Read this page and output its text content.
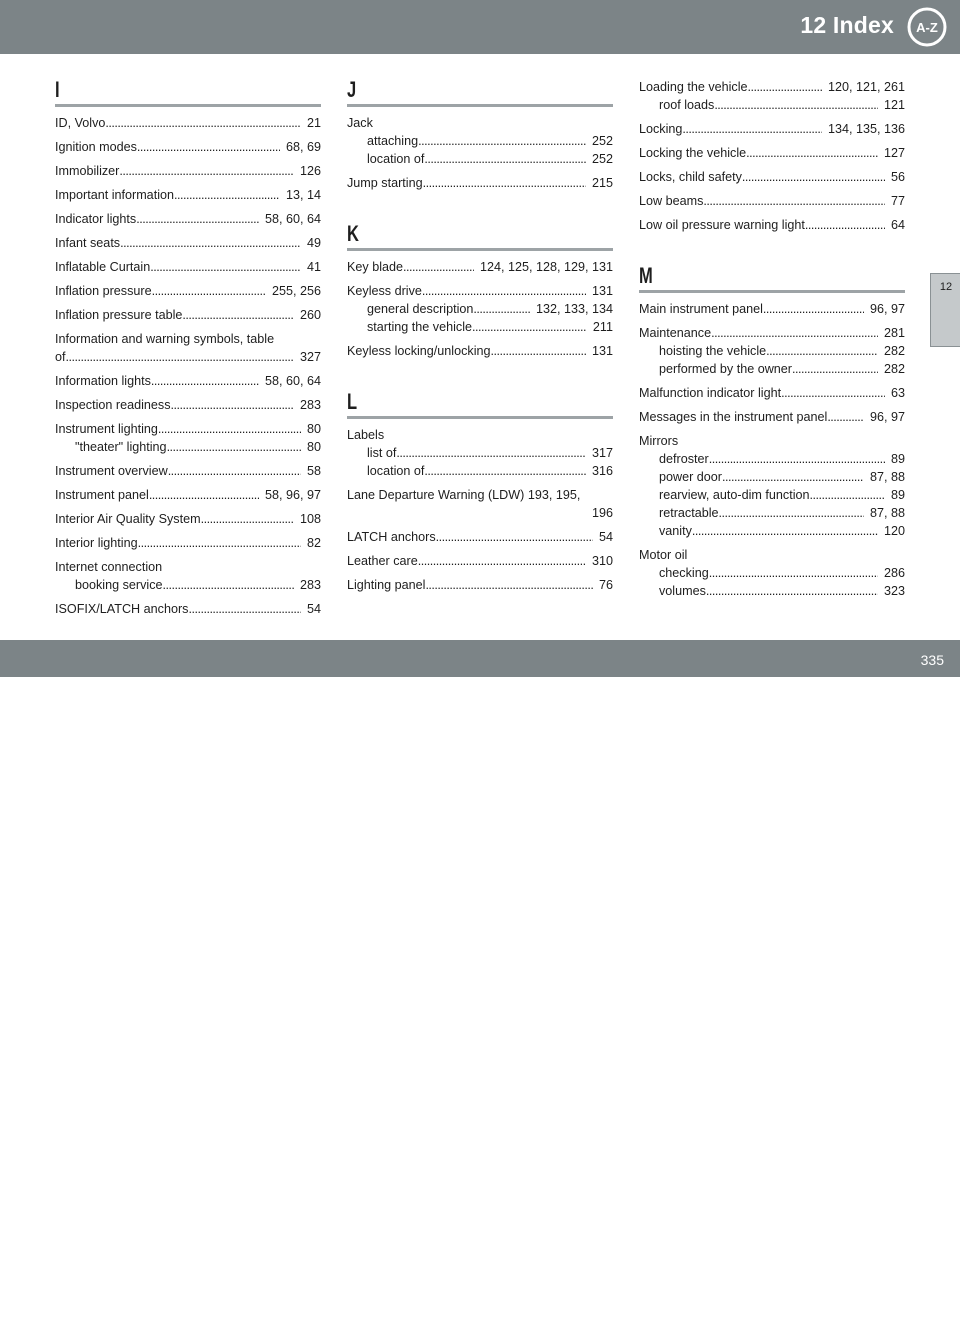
12 Index A-Z
12
I
ID, Volvo . . .	21
Ignition modes . . .	68, 69
Immobilizer . . .	126
Important information . . .	13, 14
Indicator lights . . .	58, 60, 64
Infant seats . . .	49
Inflatable Curtain . . .	41
Inflation pressure . . .	255, 256
Inflation pressure table . . .	260
Information and warning symbols, table
of . . .	327
Information lights . . .	58, 60, 64
Inspection readiness . . .	283
Instrument lighting . . .	80
"theater" lighting . . .	80
Instrument overview . . .	58
Instrument panel . . .	58, 96, 97
Interior Air Quality System . . .	108
Interior lighting . . .	82
Internet connection
booking service . . .	283
ISOFIX/LATCH anchors . . .	54
J
Jack
attaching . . .	252
location of . . .	252
Jump starting . . .	215
K
Key blade . . .	124, 125, 128, 129, 131
Keyless drive . . .	131
general description . . .	132, 133, 134
starting the vehicle . . .	211
Keyless locking/unlocking . . .	131
L
Labels
list of . . .	317
location of . . .	316
Lane Departure Warning (LDW) 193, 195,
196
LATCH anchors . . .	54
Leather care . . .	310
Lighting panel . . .	76
Loading the vehicle . . .	120, 121, 261
roof loads . . .	121
Locking . . .	134, 135, 136
Locking the vehicle . . .	127
Locks, child safety . . .	56
Low beams . . .	77
Low oil pressure warning light . . .	64
M
Main instrument panel . . .	96, 97
Maintenance . . .	281
hoisting the vehicle . . .	282
performed by the owner . . .	282
Malfunction indicator light . . .	63
Messages in the instrument panel . . .	96, 97
Mirrors
defroster . . .	89
power door . . .	87, 88
rearview, auto-dim function . . .	89
retractable . . .	87, 88
vanity . . .	120
Motor oil
checking . . .	286
volumes . . .	323
carmanualsonline.info
335
